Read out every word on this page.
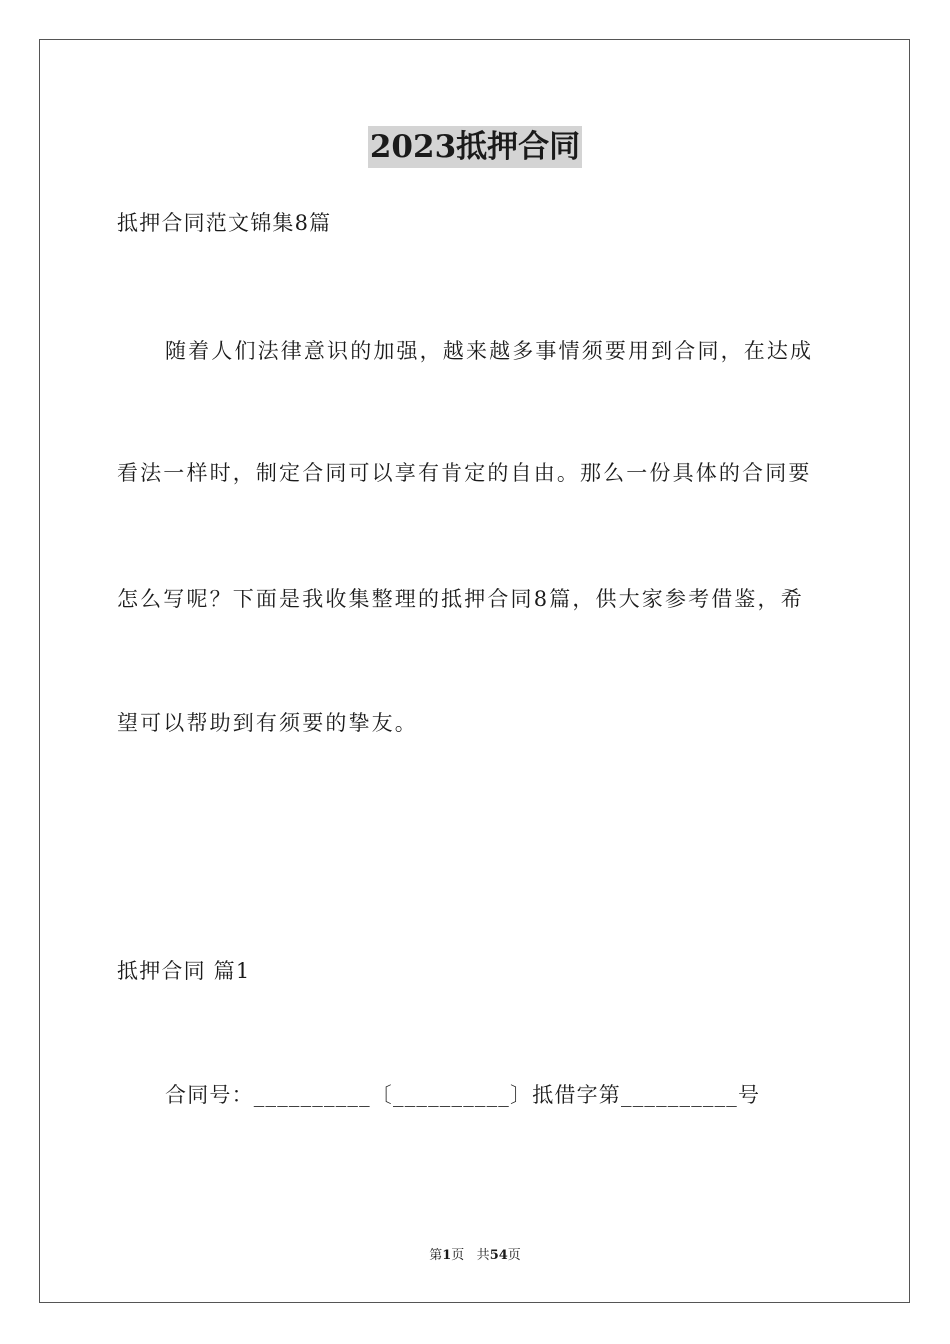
2023抵押合同
抵押合同范文锦集8篇
随着人们法律意识的加强，越来越多事情须要用到合同，在达成
看法一样时，制定合同可以享有肯定的自由。那么一份具体的合同要
怎么写呢？下面是我收集整理的抵押合同8篇，供大家参考借鉴，希
望可以帮助到有须要的挚友。
抵押合同 篇1
合同号：__________〔__________〕抵借字第__________号
第1页 共54页
